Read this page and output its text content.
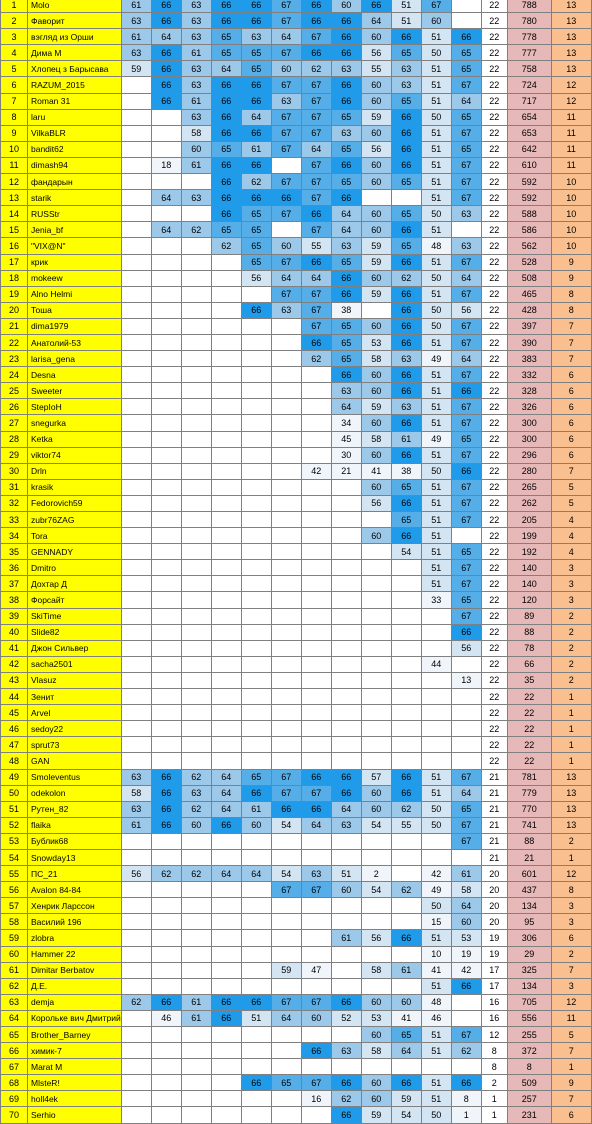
1	Molo	61	66	63	66	66	67	66	60	66	51	67		22	788	13
2	Фаворит	63	66	63	66	66	67	66	66	64	51	60		22	780	13
3	вэгляд из Орши	61	64	63	65	63	64	67	66	60	66	51	66	22	778	13
4	Дима M	63	66	61	65	65	67	66	66	56	65	50	65	22	777	13
5	Хлопец з Барысава	59	66	63	64	65	60	62	63	55	63	51	65	22	758	13
6	RAZUM_2015		66	63	66	66	67	67	66	60	63	51	67	22	724	12
7	Roman 31		66	61	66	66	63	67	66	60	65	51	64	22	717	12
8	laru			63	66	64	67	67	65	59	66	50	65	22	654	11
9	VilkaBLR			58	66	66	67	67	63	60	66	51	67	22	653	11
10	bandit62			60	65	61	67	64	65	56	66	51	65	22	642	11
11	dimash94		18	61	66	66		67	66	60	66	51	67	22	610	11
12	фандарын				66	62	67	67	65	60	65	51	67	22	592	10
13	starik		64	63	66	66	66	67	66			51	67	22	592	10
14	RUSStr				66	65	67	66	64	60	65	50	63	22	588	10
15	Jenia_bf		64	62	65	65		67	64	60	66	51		22	586	10
16	"VIX@N"				62	65	60	55	63	59	65	48	63	22	562	10
17	крик					65	67	66	65	59	66	51	67	22	528	9
18	mokeew					56	64	64	66	60	62	50	64	22	508	9
19	Alno Helmi						67	67	66	59	66	51	67	22	465	8
20	Тоша					66	63	67	38		66	50	56	22	428	8
21	dima1979							67	65	60	66	50	67	22	397	7
22	Анатолий-53							66	65	53	66	51	67	22	390	7
23	larisa_gena							62	65	58	63	49	64	22	383	7
24	Desna								66	60	66	51	67	22	332	6
25	Sweeter								63	60	66	51	66	22	328	6
26	StepIoH								64	59	63	51	67	22	326	6
27	snegurka								34	60	66	51	67	22	300	6
28	Ketka								45	58	61	49	65	22	300	6
29	viktor74								30	60	66	51	67	22	296	6
30	Drln							42	21	41	38	50	66	22	280	7
31	krasik									60	65	51	67	22	265	5
32	Fedorovich59									56	66	51	67	22	262	5
33	zubr76ZAG										65	51	67	22	205	4
34	Tora									60	66	51		22	199	4
35	GENNADY										54	51	65	22	192	4
36	Dmitro											51	67	22	140	3
37	Дохтар Д											51	67	22	140	3
38	Форсайт											33	65	22	120	3
39	SkiTime												67	22	89	2
40	Slide82												66	22	88	2
41	Джон Сильвер												56	22	78	2
42	sacha2501											44		22	66	2
43	Vlasuz												13	22	35	2
44	Зенит													22	22	1
45	Arvel													22	22	1
46	sedoy22													22	22	1
47	sprut73													22	22	1
48	GAN													22	22	1
49	Smoleventus	63	66	62	64	65	67	66	66	57	66	51	67	21	781	13
50	odekolon	58	66	63	64	66	67	67	66	60	66	51	64	21	779	13
51	Рутен_82	63	66	62	64	61	66	66	64	60	62	50	65	21	770	13
52	flaika	61	66	60	66	60	54	64	63	54	55	50	67	21	741	13
53	Бублик68												67	21	88	2
54	Snowday13													21	21	1
55	ПС_21	56	62	62	64	64	54	63	51	2		42	61	20	601	12
56	Avalon 84-84						67	67	60	54	62	49	58	20	437	8
57	Хенрик Ларссон											50	64	20	134	3
58	Василий 196											15	60	20	95	3
59	zlobra								61	56	66	51	53	19	306	6
60	Hammer 22											10	19	19	29	2
61	Dimitar Berbatov						59	47		58	61	41	42	17	325	7
62	Д.Е.											51	66	17	134	3
63	demja	62	66	61	66	66	67	67	66	60	60	48		16	705	12
64	Корольке вич Дмитрий		46	61	66	51	64	60	52	53	41	46		16	556	11
65	Brother_Barney									60	65	51	67	12	255	5
66	химик-7							66	63	58	64	51	62	8	372	7
67	Marat M													8	8	1
68	MlsteR!					66	65	67	66	60	66	51	66	2	509	9
69	holl4ek							16	62	60	59	51	8	1	257	7
70	Serhio								66	59	54	50	1	1	231	6
